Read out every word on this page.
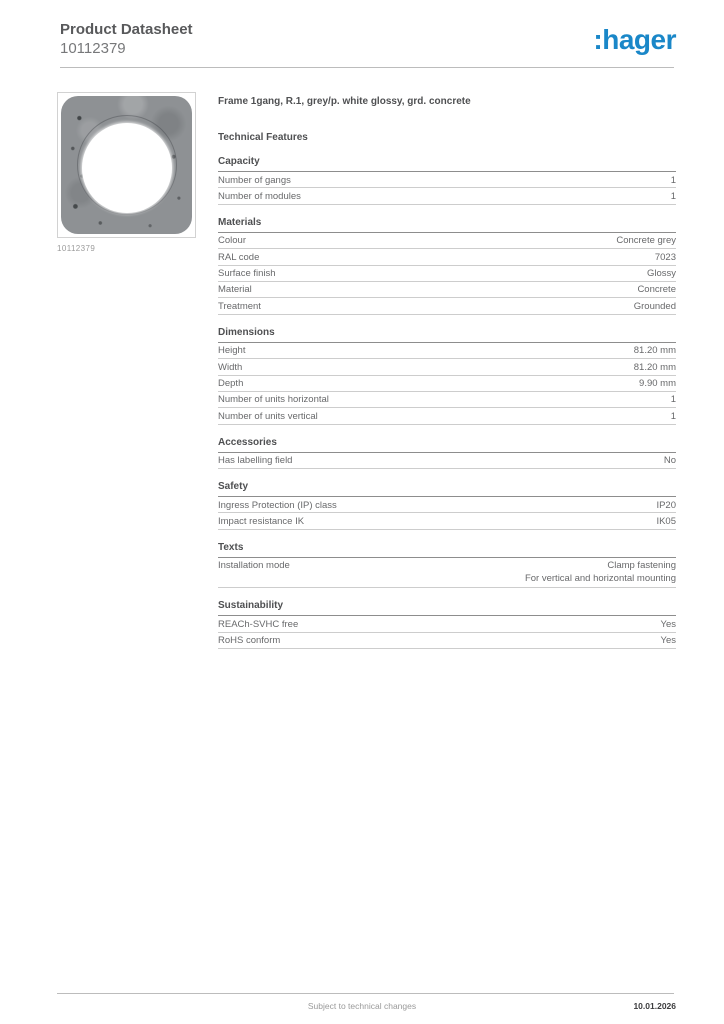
Product Datasheet
10112379	:hager
10112379
Frame 1gang, R.1, grey/p. white glossy, grd. concrete
Technical Features
Capacity
Number of gangs	1
Number of modules	1
Materials
Colour	Concrete grey
RAL code	7023
Surface finish	Glossy
Material	Concrete
Treatment	Grounded
Dimensions
Height	81.20 mm
Width	81.20 mm
Depth	9.90 mm
Number of units horizontal	1
Number of units vertical	1
Accessories
Has labelling field	No
Safety
Ingress Protection (IP) class	IP20
Impact resistance IK	IK05
Texts
Installation mode	Clamp fastening
For vertical and horizontal mounting
Sustainability
REACh-SVHC free	Yes
RoHS conform	Yes
Subject to technical changes	10.01.2026
